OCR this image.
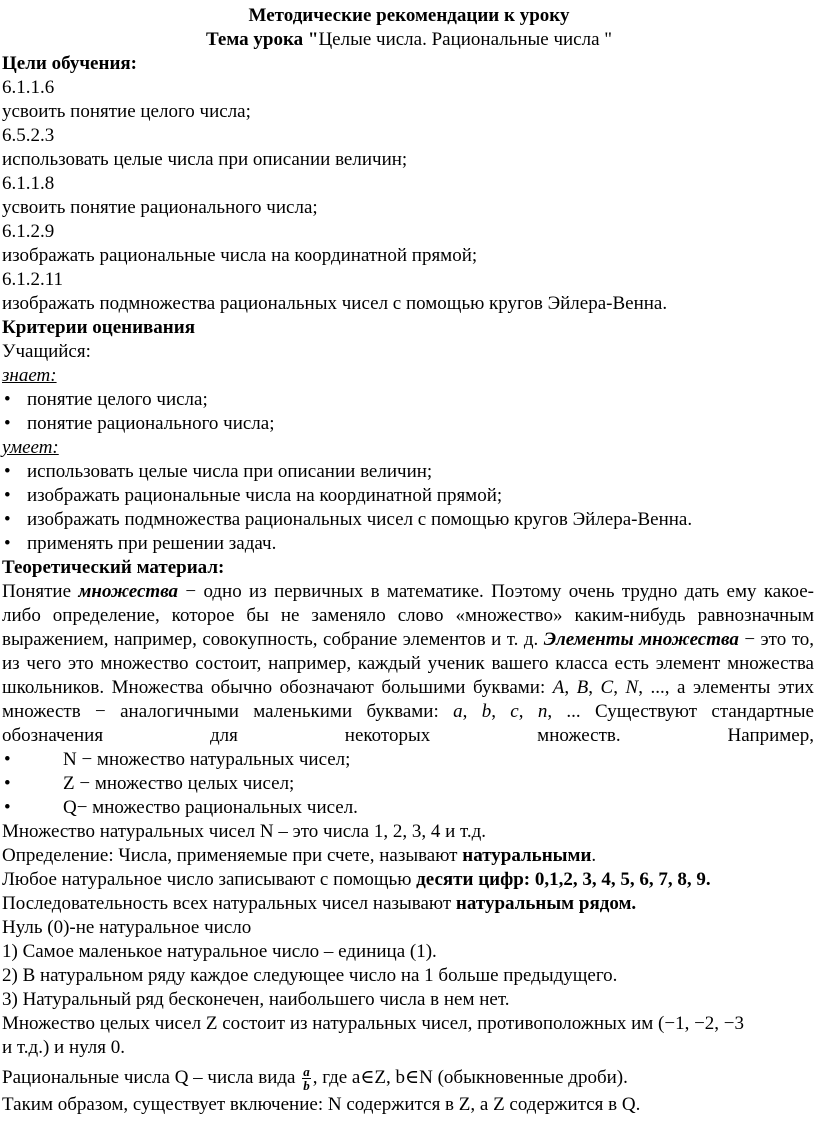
Методические рекомендации к уроку
Тема урока "Целые числа. Рациональные числа "
Цели обучения:
6.1.1.6
усвоить понятие целого числа;
6.5.2.3
использовать целые числа при описании величин;
6.1.1.8
усвоить понятие рационального числа;
6.1.2.9
изображать рациональные числа на координатной прямой;
6.1.2.11
изображать подмножества рациональных чисел с помощью кругов Эйлера-Венна.
Критерии оценивания
Учащийся:
знает:
• понятие целого числа;
• понятие рационального числа;
умеет:
• использовать целые числа при описании величин;
• изображать рациональные числа на координатной прямой;
• изображать подмножества рациональных чисел с помощью кругов Эйлера-Венна.
• применять при решении задач.
Теоретический материал:
Понятие множества − одно из первичных в математике. Поэтому очень трудно дать ему какое-либо определение, которое бы не заменяло слово «множество» каким-нибудь равнозначным выражением, например, совокупность, собрание элементов и т. д. Элементы множества − это то, из чего это множество состоит, например, каждый ученик вашего класса есть элемент множества школьников. Множества обычно обозначают большими буквами: A, B, C, N, ..., а элементы этих множеств − аналогичными маленькими буквами: a, b, c, n, ... Существуют стандартные обозначения для некоторых множеств. Например,
• N − множество натуральных чисел;
• Z − множество целых чисел;
• Q− множество рациональных чисел.
Множество натуральных чисел N – это числа 1, 2, 3, 4 и т.д.
Определение: Числа, применяемые при счете, называют натуральными.
Любое натуральное число записывают с помощью десяти цифр: 0,1,2, 3, 4, 5, 6, 7, 8, 9.
Последовательность всех натуральных чисел называют натуральным рядом.
Нуль (0)-не натуральное число
1) Самое маленькое натуральное число – единица (1).
2) В натуральном ряду каждое следующее число на 1 больше предыдущего.
3) Натуральный ряд бесконечен, наибольшего числа в нем нет.
Множество целых чисел Z состоит из натуральных чисел, противоположных им (−1, −2, −3
и т.д.) и нуля 0.
Рациональные числа Q – числа вида $\frac{a}{b}$ , где a∈Z, b∈N (обыкновенные дроби).
Таким образом, существует включение: N содержится в Z, а Z содержится в Q.
